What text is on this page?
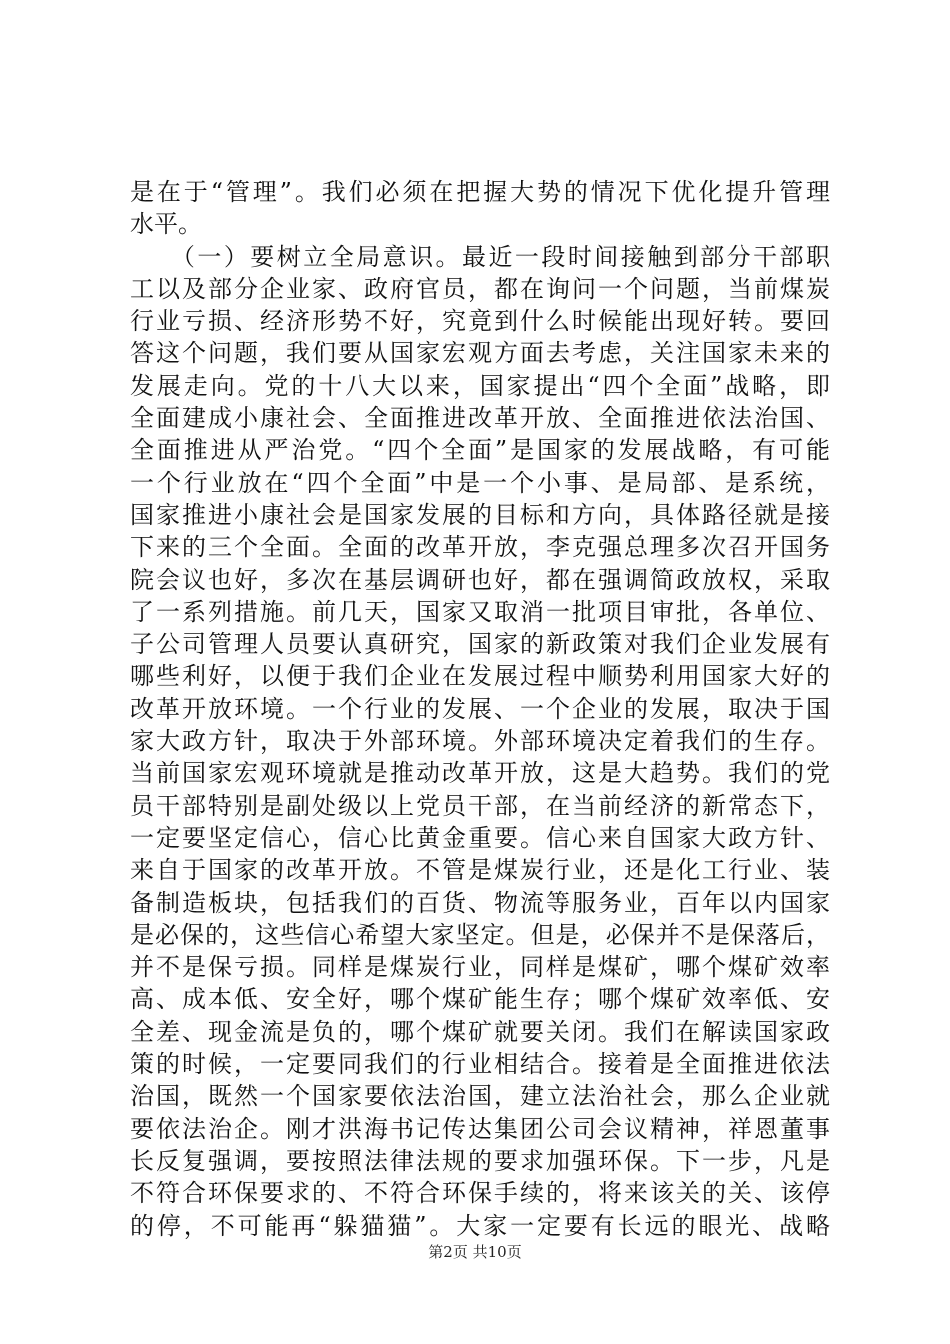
是在于“管理”。我们必须在把握大势的情况下优化提升管理
水平。
　　（一）要树立全局意识。最近一段时间接触到部分干部职
工以及部分企业家、政府官员，都在询问一个问题，当前煤炭
行业亏损、经济形势不好，究竟到什么时候能出现好转。要回
答这个问题，我们要从国家宏观方面去考虑，关注国家未来的
发展走向。党的十八大以来，国家提出“四个全面”战略，即
全面建成小康社会、全面推进改革开放、全面推进依法治国、
全面推进从严治党。“四个全面”是国家的发展战略，有可能
一个行业放在“四个全面”中是一个小事、是局部、是系统，
国家推进小康社会是国家发展的目标和方向，具体路径就是接
下来的三个全面。全面的改革开放，李克强总理多次召开国务
院会议也好，多次在基层调研也好，都在强调简政放权，采取
了一系列措施。前几天，国家又取消一批项目审批，各单位、
子公司管理人员要认真研究，国家的新政策对我们企业发展有
哪些利好，以便于我们企业在发展过程中顺势利用国家大好的
改革开放环境。一个行业的发展、一个企业的发展，取决于国
家大政方针，取决于外部环境。外部环境决定着我们的生存。
当前国家宏观环境就是推动改革开放，这是大趋势。我们的党
员干部特别是副处级以上党员干部，在当前经济的新常态下，
一定要坚定信心，信心比黄金重要。信心来自国家大政方针、
来自于国家的改革开放。不管是煤炭行业，还是化工行业、装
备制造板块，包括我们的百货、物流等服务业，百年以内国家
是必保的，这些信心希望大家坚定。但是，必保并不是保落后，
并不是保亏损。同样是煤炭行业，同样是煤矿，哪个煤矿效率
高、成本低、安全好，哪个煤矿能生存；哪个煤矿效率低、安
全差、现金流是负的，哪个煤矿就要关闭。我们在解读国家政
策的时候，一定要同我们的行业相结合。接着是全面推进依法
治国，既然一个国家要依法治国，建立法治社会，那么企业就
要依法治企。刚才洪海书记传达集团公司会议精神，祥恩董事
长反复强调，要按照法律法规的要求加强环保。下一步，凡是
不符合环保要求的、不符合环保手续的，将来该关的关、该停
的停，不可能再“躲猫猫”。大家一定要有长远的眼光、战略
第2页 共10页
